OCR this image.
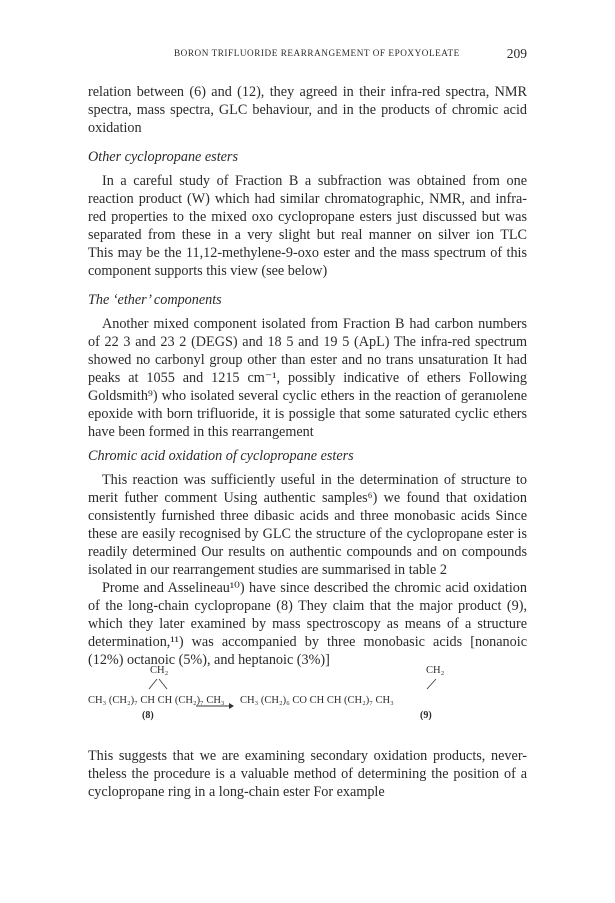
BORON TRIFLUORIDE REARRANGEMENT OF EPOXYOLEATE	209
relation between (6) and (12), they agreed in their infra-red spectra, NMR
spectra, mass spectra, GLC behaviour, and in the products of chromic acid
oxidation
Other cyclopropane esters
In a careful study of Fraction B a subfraction was obtained from one
reaction product (W) which had similar chromatographic, NMR, and infra-
red properties to the mixed oxo cyclopropane esters just discussed but was
separated from these in a very slight but real manner on silver ion TLC
This may be the 11,12-methylene-9-oxo ester and the mass spectrum of this
component supports this view (see below)
The ‘ether’ components
Another mixed component isolated from Fraction B had carbon numbers
of 22 3 and 23 2 (DEGS) and 18 5 and 19 5 (ApL) The infra-red spectrum
showed no carbonyl group other than ester and no trans unsaturation It had
peaks at 1055 and 1215 cm⁻¹, possibly indicative of ethers Following
Goldsmith⁹) who isolated several cyclic ethers in the reaction of geranıolene
epoxide with born trifluoride, it is possigle that some saturated cyclic ethers
have been formed in this rearrangement
Chromic acid oxidation of cyclopropane esters
This reaction was sufficiently useful in the determination of structure to
merit futher comment Using authentic samples⁶) we found that oxidation
consistently furnished three dibasic acids and three monobasic acids Since
these are easily recognised by GLC the structure of the cyclopropane ester is
readily determined Our results on authentic compounds and on compounds
isolated in our rearrangement studies are summarised in table 2
Prome and Asselineau¹⁰) have since described the chromic acid oxidation
of the long-chain cyclopropane (8) They claim that the major product (9),
which they later examined by mass spectroscopy as means of a structure
determination,¹¹) was accompanied by three monobasic acids [nonanoic
(12%) octanoic (5%), and heptanoic (3%)]
CH₂
CH₃ (CH₂)₇ CH CH (CH₂)₇ CH₃
(8)
CH₂
CH₃ (CH₂)₆ CO CH CH (CH₂)₇ CH₃
(9)
This suggests that we are examining secondary oxidation products, never-
theless the procedure is a valuable method of determining the position of a
cyclopropane ring in a long-chain ester For example
